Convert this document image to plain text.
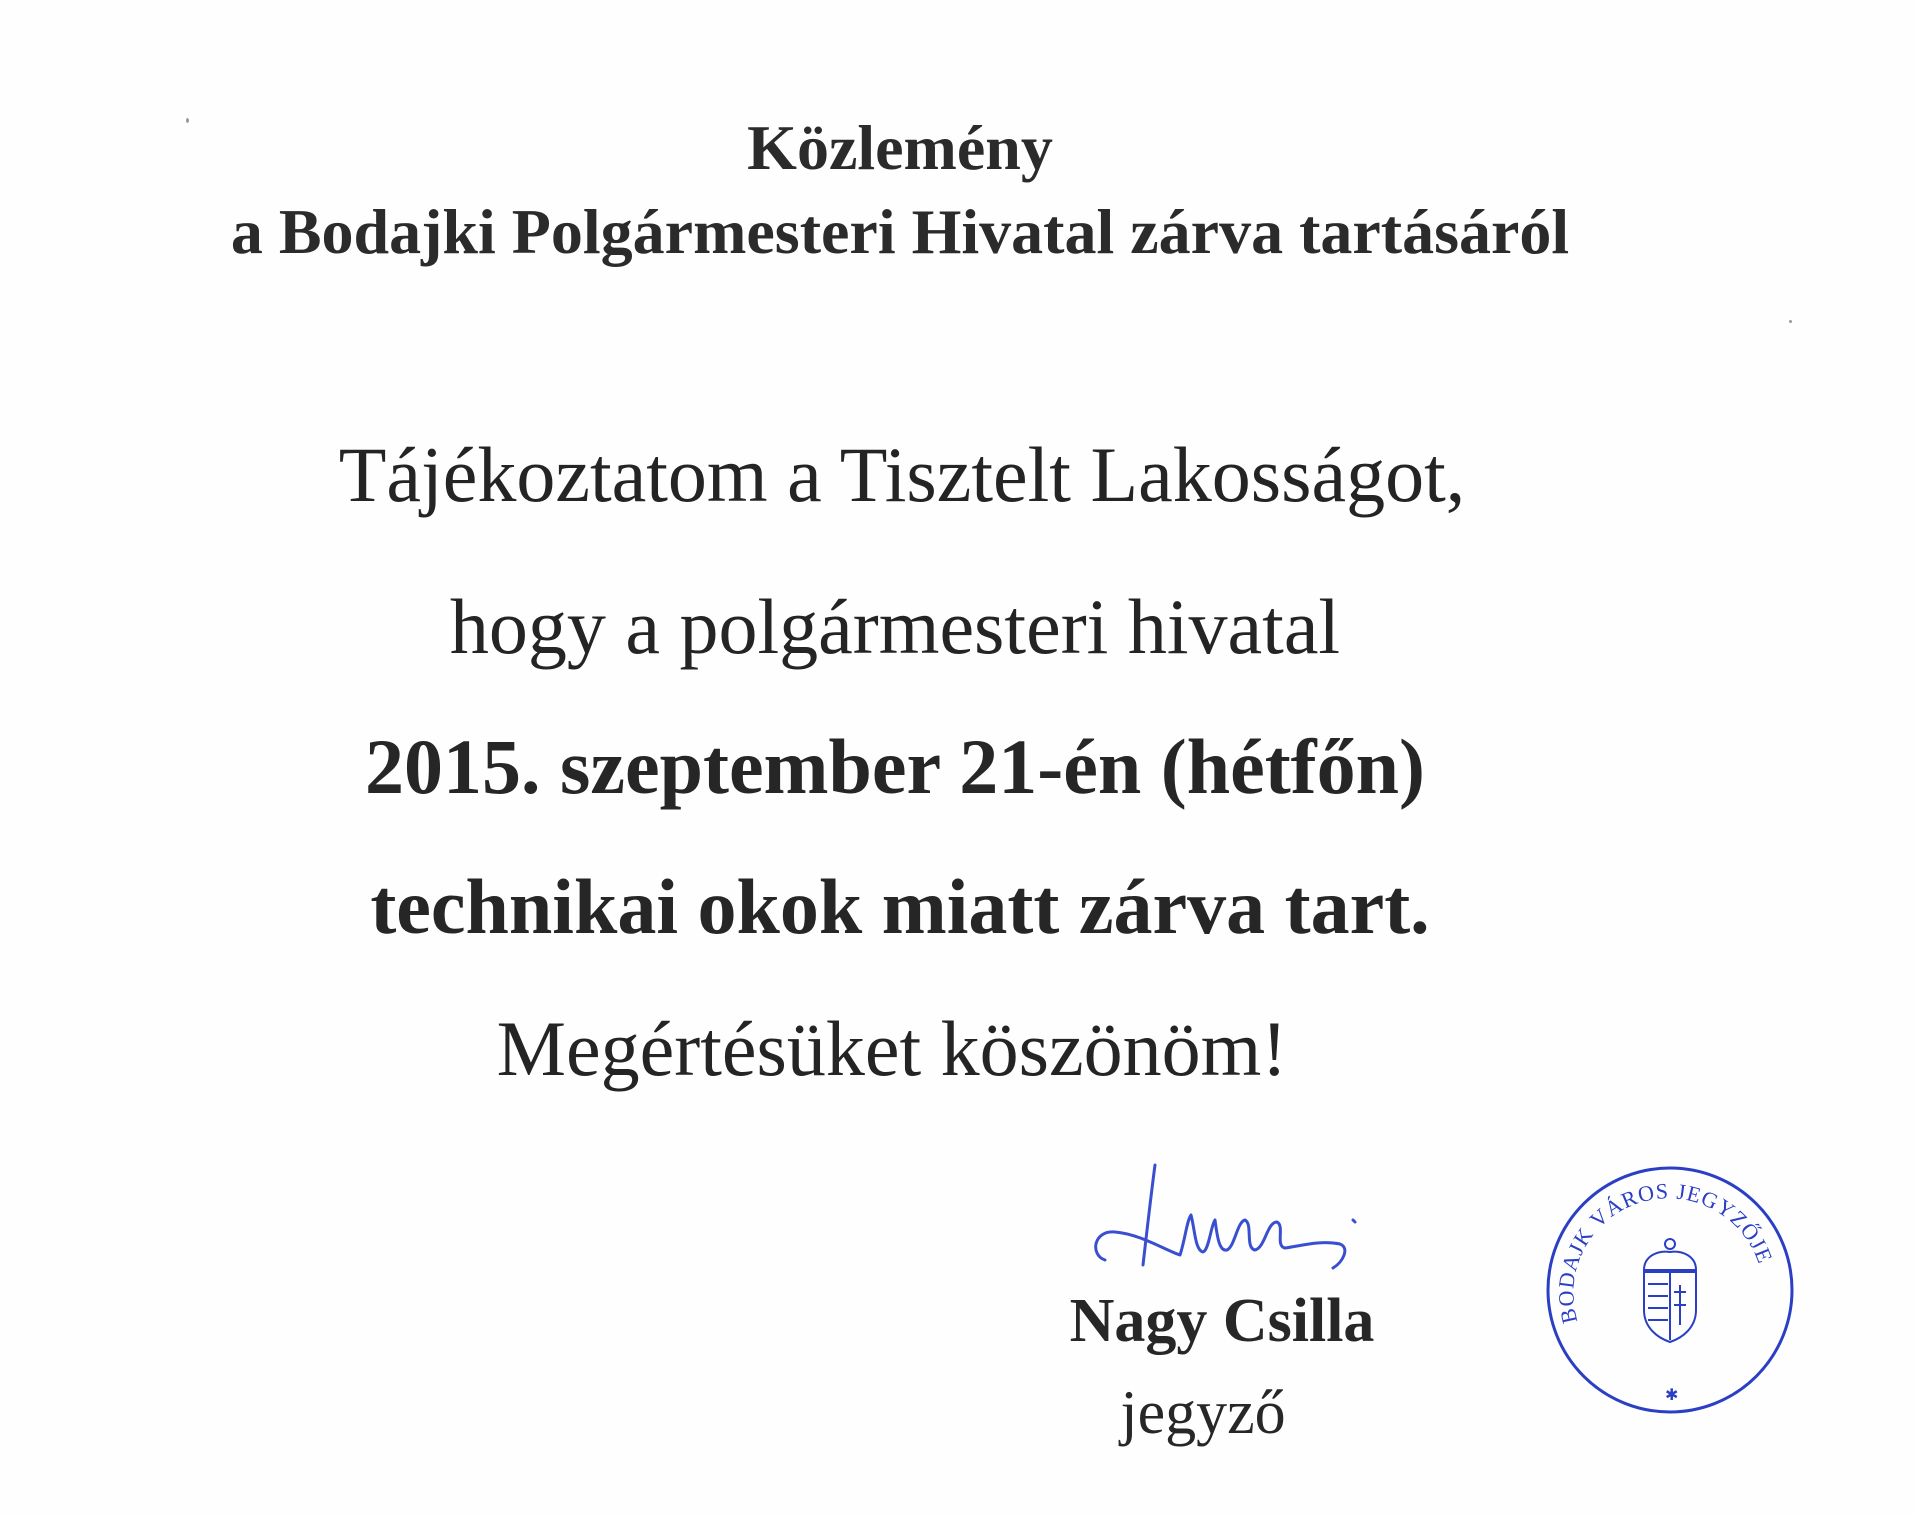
Közlemény
a Bodajki Polgármesteri Hivatal zárva tartásáról
Tájékoztatom a Tisztelt Lakosságot,
hogy a polgármesteri hivatal
2015. szeptember 21-én (hétfőn)
technikai okok miatt zárva tart.
Megértésüket köszönöm!
Nagy Csilla
jegyző
BODAJK VÁROS JEGYZŐJE
✱
